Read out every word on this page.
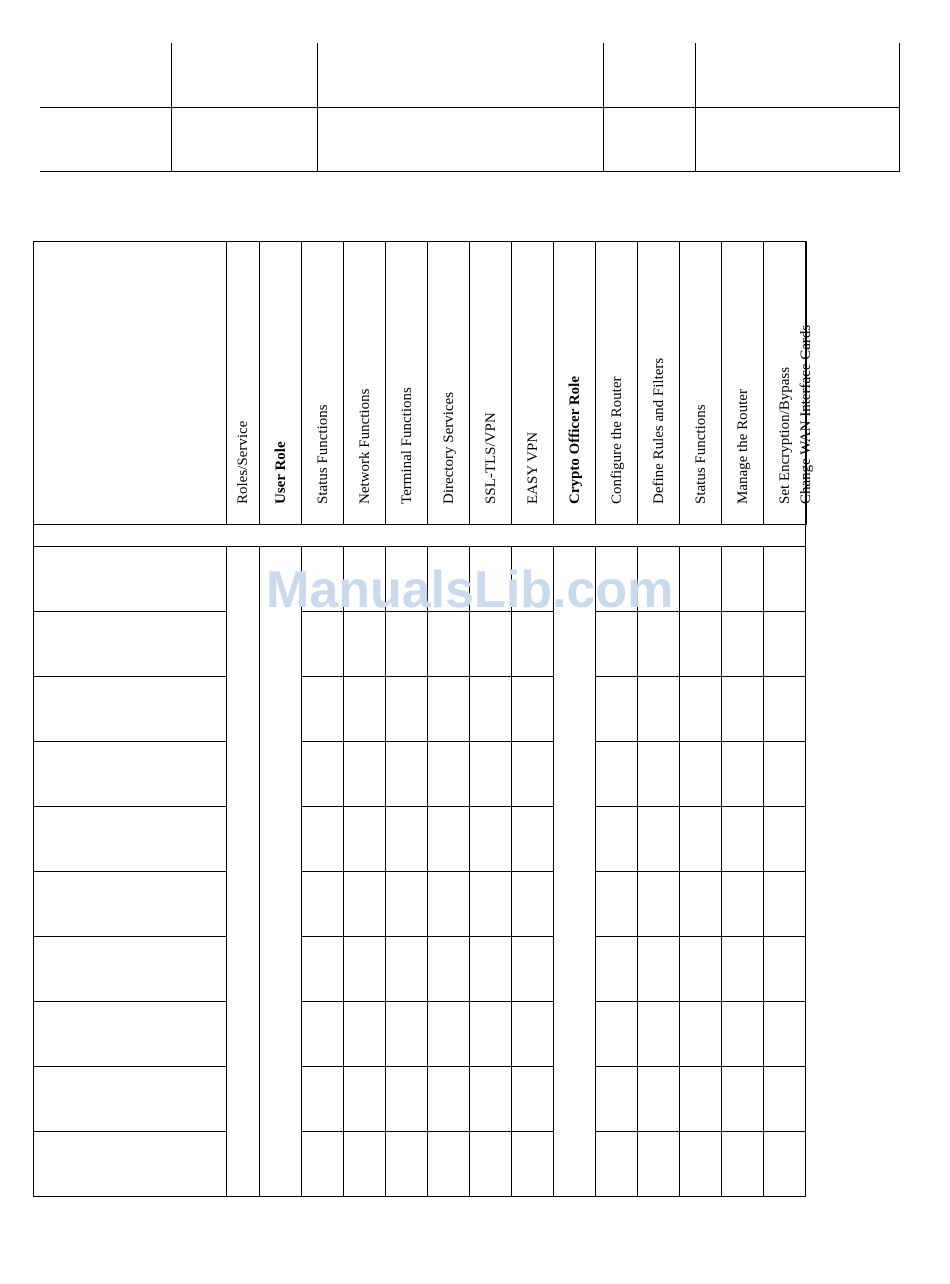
	Roles/Service	User Role	Status Functions	Network Functions	Terminal Functions	Directory Services	SSL-TLS/VPN	EASY VPN	Crypto Officer Role	Configure the Router	Define Rules and Filters	Status Functions	Manage the Router	Set Encryption/Bypass	Change WAN Interface Cards

ManualsLib.com
